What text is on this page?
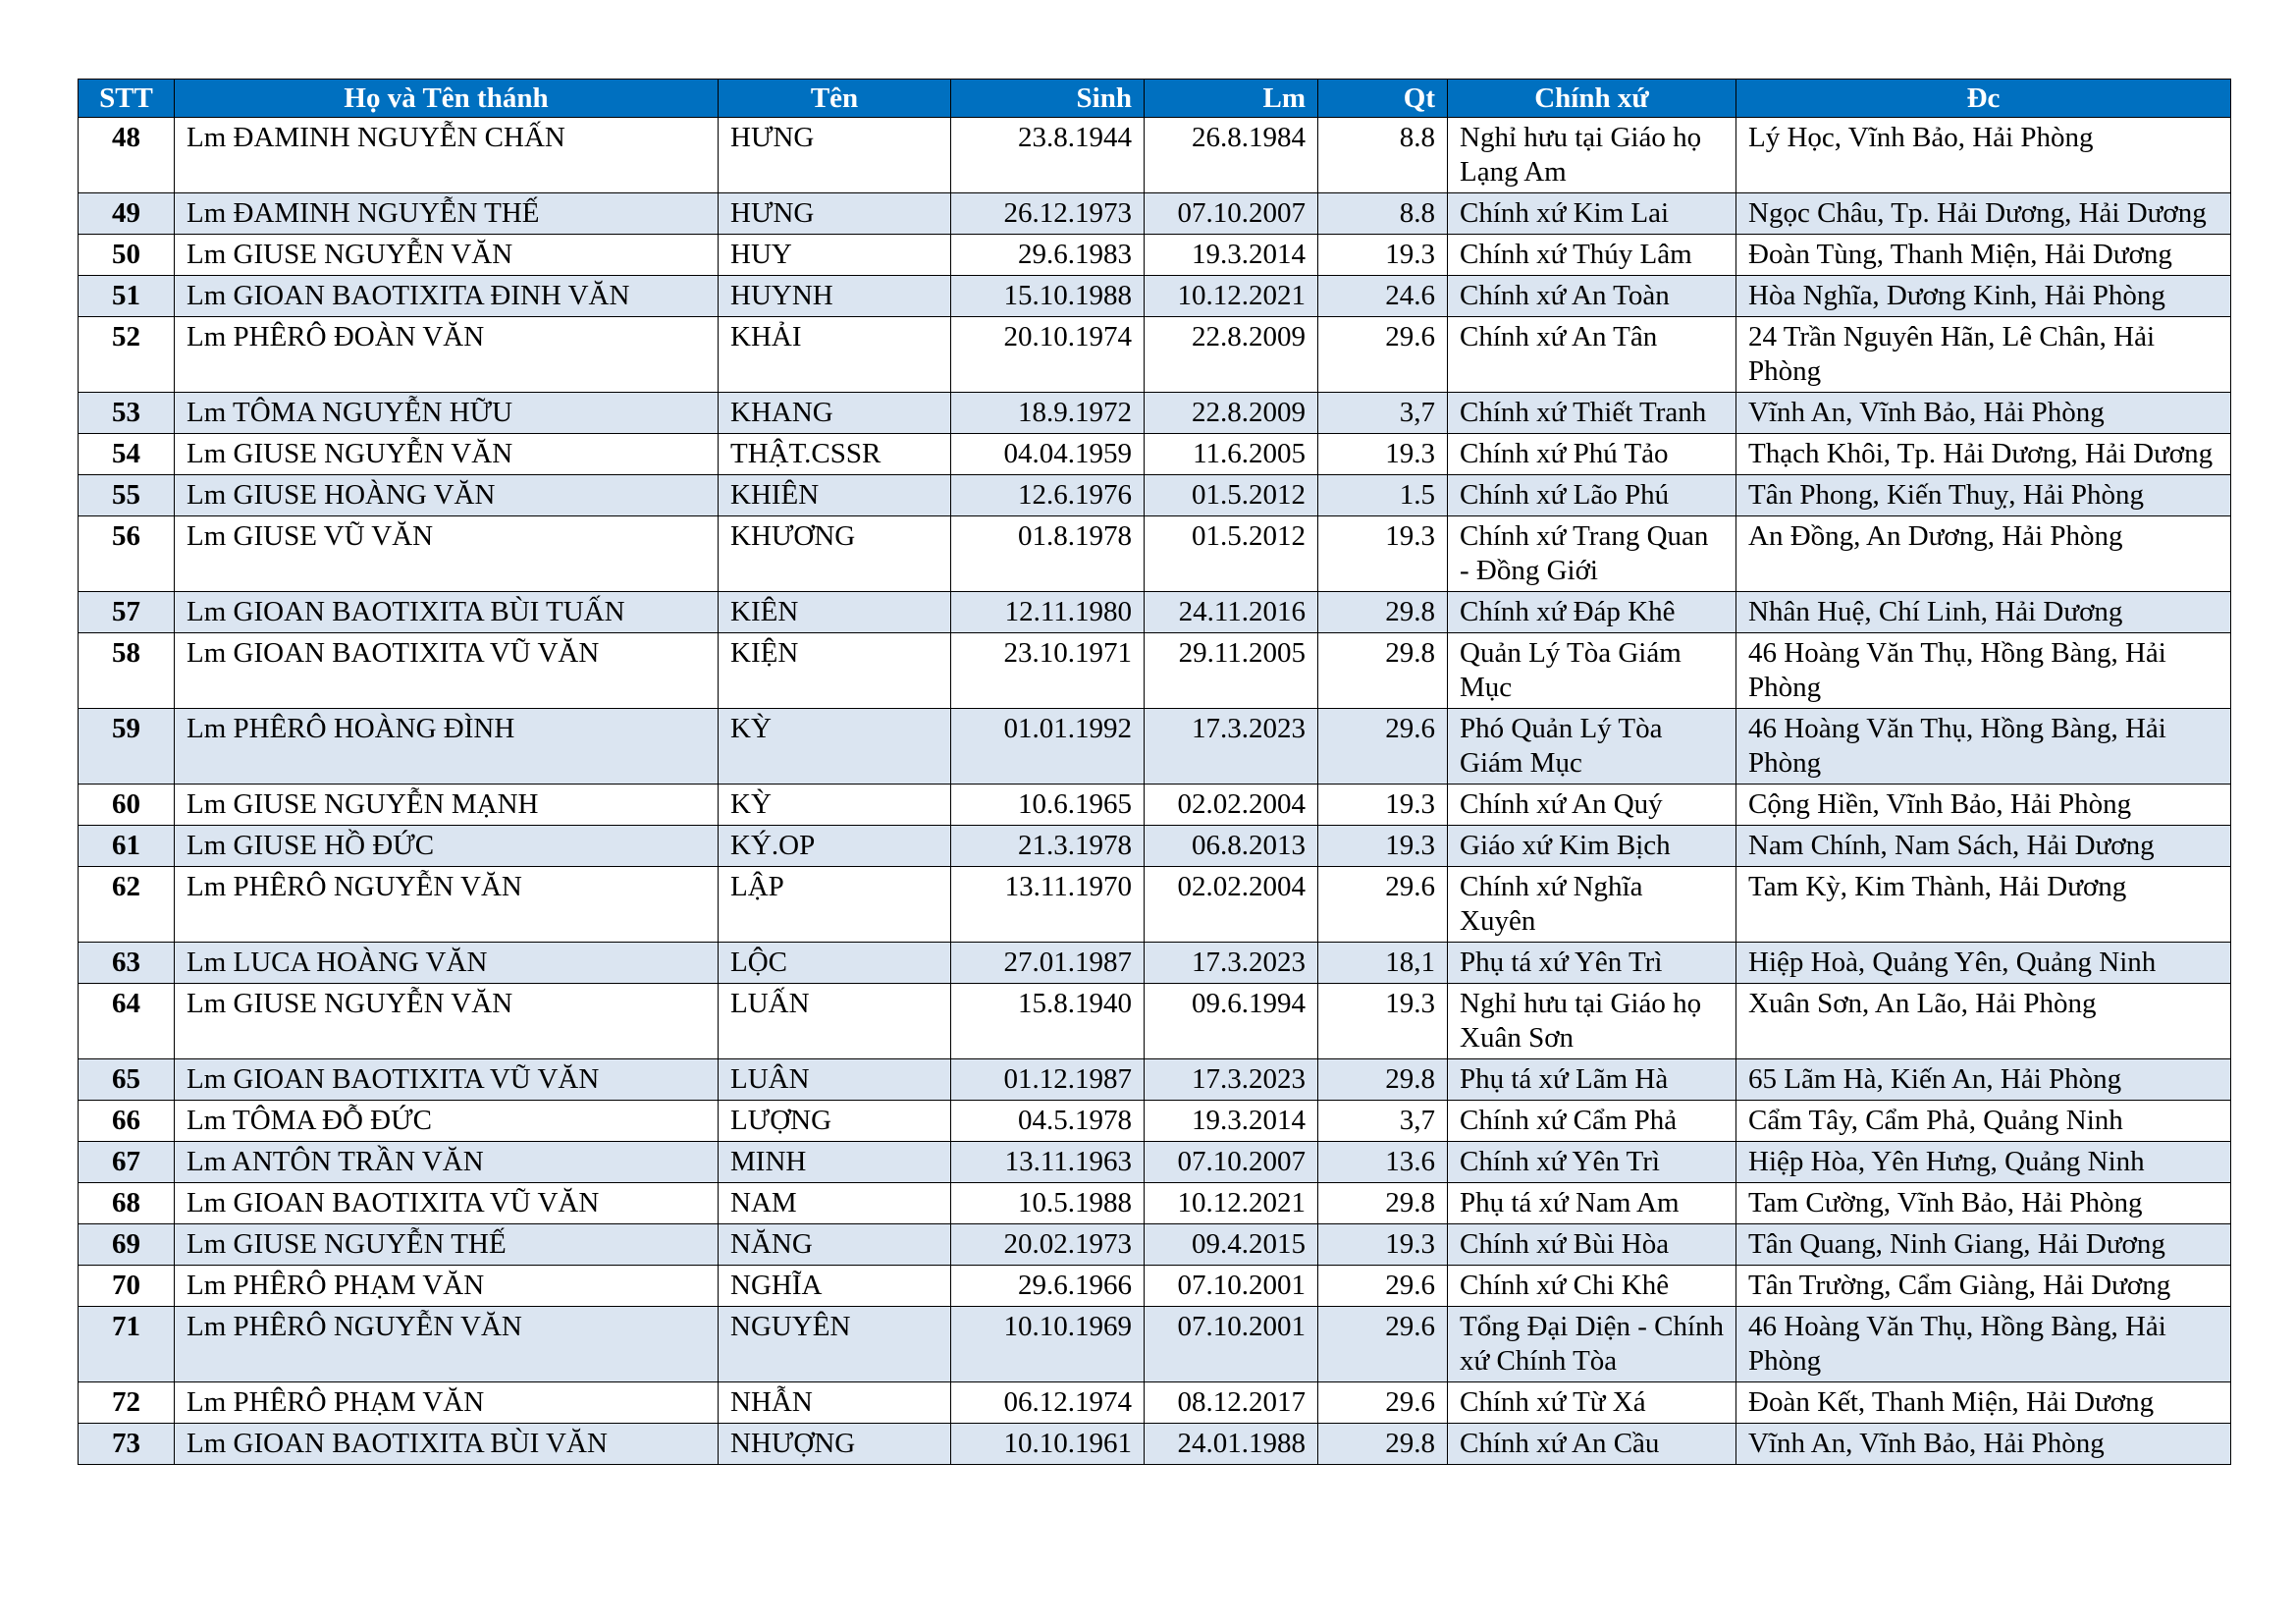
STT	Họ và Tên thánh	Tên	Sinh	Lm	Qt	Chính xứ	Đc
48	Lm ĐAMINH NGUYỄN CHẤN	HƯNG	23.8.1944	26.8.1984	8.8	Nghỉ hưu tại Giáo họ Lạng Am	Lý Học, Vĩnh Bảo, Hải Phòng
49	Lm ĐAMINH NGUYỄN THẾ	HƯNG	26.12.1973	07.10.2007	8.8	Chính xứ Kim Lai	Ngọc Châu, Tp. Hải Dương, Hải Dương
50	Lm GIUSE NGUYỄN VĂN	HUY	29.6.1983	19.3.2014	19.3	Chính xứ Thúy Lâm	Đoàn Tùng, Thanh Miện, Hải Dương
51	Lm GIOAN BAOTIXITA ĐINH VĂN	HUYNH	15.10.1988	10.12.2021	24.6	Chính xứ An Toàn	Hòa Nghĩa, Dương Kinh, Hải Phòng
52	Lm PHÊRÔ ĐOÀN VĂN	KHẢI	20.10.1974	22.8.2009	29.6	Chính xứ An Tân	24 Trần Nguyên Hãn, Lê Chân, Hải Phòng
53	Lm TÔMA NGUYỄN HỮU	KHANG	18.9.1972	22.8.2009	3,7	Chính xứ Thiết Tranh	Vĩnh An, Vĩnh Bảo, Hải Phòng
54	Lm GIUSE NGUYỄN VĂN	THẬT.CSSR	04.04.1959	11.6.2005	19.3	Chính xứ Phú Tảo	Thạch Khôi, Tp. Hải Dương, Hải Dương
55	Lm GIUSE HOÀNG VĂN	KHIÊN	12.6.1976	01.5.2012	1.5	Chính xứ Lão Phú	Tân Phong, Kiến Thuỵ, Hải Phòng
56	Lm GIUSE VŨ VĂN	KHƯƠNG	01.8.1978	01.5.2012	19.3	Chính xứ Trang Quan - Đồng Giới	An Đồng, An Dương, Hải Phòng
57	Lm GIOAN BAOTIXITA BÙI TUẤN	KIÊN	12.11.1980	24.11.2016	29.8	Chính xứ Đáp Khê	Nhân Huệ, Chí Linh, Hải Dương
58	Lm GIOAN BAOTIXITA VŨ VĂN	KIỆN	23.10.1971	29.11.2005	29.8	Quản Lý Tòa Giám Mục	46 Hoàng Văn Thụ, Hồng Bàng, Hải Phòng
59	Lm PHÊRÔ HOÀNG ĐÌNH	KỲ	01.01.1992	17.3.2023	29.6	Phó Quản Lý Tòa Giám Mục	46 Hoàng Văn Thụ, Hồng Bàng, Hải Phòng
60	Lm GIUSE NGUYỄN MẠNH	KỲ	10.6.1965	02.02.2004	19.3	Chính xứ An Quý	Cộng Hiền, Vĩnh Bảo, Hải Phòng
61	Lm GIUSE HỒ ĐỨC	KÝ.OP	21.3.1978	06.8.2013	19.3	Giáo xứ Kim Bịch	Nam Chính, Nam Sách, Hải Dương
62	Lm PHÊRÔ NGUYỄN VĂN	LẬP	13.11.1970	02.02.2004	29.6	Chính xứ Nghĩa Xuyên	Tam Kỳ, Kim Thành, Hải Dương
63	Lm LUCA HOÀNG VĂN	LỘC	27.01.1987	17.3.2023	18,1	Phụ tá xứ Yên Trì	Hiệp Hoà, Quảng Yên, Quảng Ninh
64	Lm GIUSE NGUYỄN VĂN	LUẤN	15.8.1940	09.6.1994	19.3	Nghỉ hưu tại Giáo họ Xuân Sơn	Xuân Sơn, An Lão, Hải Phòng
65	Lm GIOAN BAOTIXITA VŨ VĂN	LUÂN	01.12.1987	17.3.2023	29.8	Phụ tá xứ Lãm Hà	65 Lãm Hà, Kiến An, Hải Phòng
66	Lm TÔMA ĐỖ ĐỨC	LƯỢNG	04.5.1978	19.3.2014	3,7	Chính xứ Cẩm Phả	Cẩm Tây, Cẩm Phả, Quảng Ninh
67	Lm ANTÔN TRẦN VĂN	MINH	13.11.1963	07.10.2007	13.6	Chính xứ Yên Trì	Hiệp Hòa, Yên Hưng, Quảng Ninh
68	Lm GIOAN BAOTIXITA VŨ VĂN	NAM	10.5.1988	10.12.2021	29.8	Phụ tá xứ Nam Am	Tam Cường, Vĩnh Bảo, Hải Phòng
69	Lm GIUSE NGUYỄN THẾ	NĂNG	20.02.1973	09.4.2015	19.3	Chính xứ Bùi Hòa	Tân Quang, Ninh Giang, Hải Dương
70	Lm PHÊRÔ PHẠM VĂN	NGHĨA	29.6.1966	07.10.2001	29.6	Chính xứ Chi Khê	Tân Trường, Cẩm Giàng, Hải Dương
71	Lm PHÊRÔ NGUYỄN VĂN	NGUYÊN	10.10.1969	07.10.2001	29.6	Tổng Đại Diện - Chính xứ Chính Tòa	46 Hoàng Văn Thụ, Hồng Bàng, Hải Phòng
72	Lm PHÊRÔ PHẠM VĂN	NHẪN	06.12.1974	08.12.2017	29.6	Chính xứ Từ Xá	Đoàn Kết, Thanh Miện, Hải Dương
73	Lm GIOAN BAOTIXITA BÙI VĂN	NHƯỢNG	10.10.1961	24.01.1988	29.8	Chính xứ An Cầu	Vĩnh An, Vĩnh Bảo, Hải Phòng
